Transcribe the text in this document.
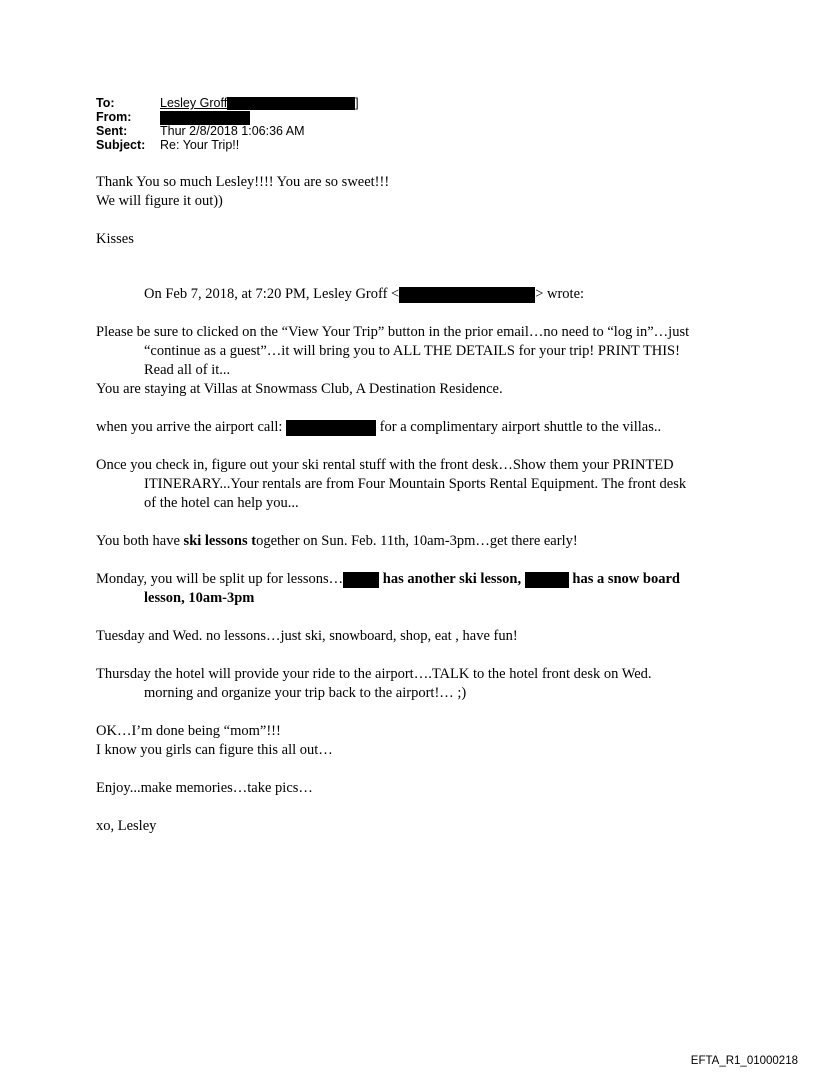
To:	Lesley Groff	]
From:
Sent:	Thur 2/8/2018 1:06:36 AM
Subject: Re: Your Trip!!

Thank You so much Lesley!!!! You are so sweet!!!

We will figure it out))

Kisses

On Feb 7, 2018, at 7:20 PM, Lesley Groff <	> wrote:

Please be sure to clicked on the “View Your Trip” button in the prior email…no need to “log in”…just “continue as a guest”…it will bring you to ALL THE DETAILS for your trip! PRINT THIS! Read all of it...

You are staying at Villas at Snowmass Club, A Destination Residence.

when you arrive the airport call:	for a complimentary airport shuttle to the villas..

Once you check in, figure out your ski rental stuff with the front desk…Show them your PRINTED ITINERARY...Your rentals are from Four Mountain Sports Rental Equipment. The front desk of the hotel can help you...

You both have ski lessons together on Sun. Feb. 11th, 10am-3pm…get there early!

Monday, you will be split up for lessons… has another ski lesson,	has a snow board lesson, 10am-3pm

Tuesday and Wed. no lessons…just ski, snowboard, shop, eat , have fun!

Thursday the hotel will provide your ride to the airport….TALK to the hotel front desk on Wed. morning and organize your trip back to the airport!… ;)

OK…I’m done being “mom”!!!

I know you girls can figure this all out…

Enjoy...make memories…take pics…

xo, Lesley

EFTA_R1_01000218
